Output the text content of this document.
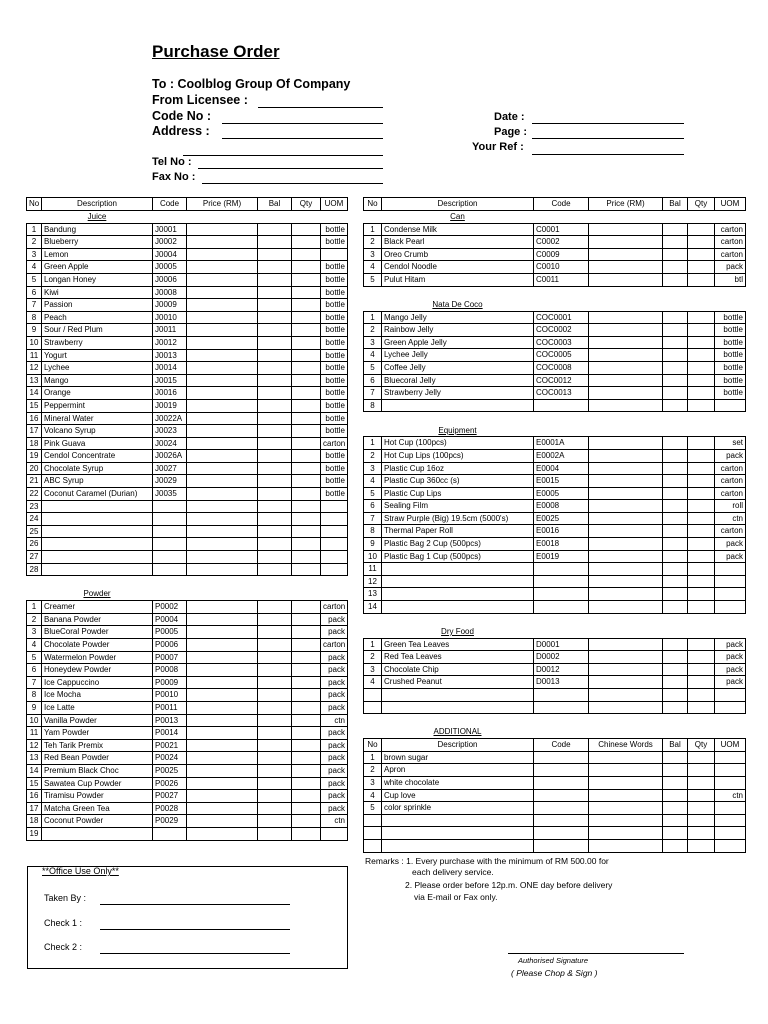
Purchase Order
To : Coolblog Group Of Company
From Licensee :
Code No :
Address :
Tel No :
Fax No :
Date :
Page :
Your Ref :
No	Description	Code	Price (RM)	Bal	Qty	UOM
	Juice					
1	Bandung	J0001				bottle
2	Blueberry	J0002				bottle
3	Lemon	J0004				
4	Green Apple	J0005				bottle
5	Longan Honey	J0006				bottle
6	Kiwi	J0008				bottle
7	Passion	J0009				bottle
8	Peach	J0010				bottle
9	Sour / Red Plum	J0011				bottle
10	Strawberry	J0012				bottle
11	Yogurt	J0013				bottle
12	Lychee	J0014				bottle
13	Mango	J0015				bottle
14	Orange	J0016				bottle
15	Peppermint	J0019				bottle
16	Mineral Water	J0022A				bottle
17	Volcano Syrup	J0023				bottle
18	Pink Guava	J0024				carton
19	Cendol Concentrate	J0026A				bottle
20	Chocolate Syrup	J0027				bottle
21	ABC Syrup	J0029				bottle
22	Coconut Caramel (Durian)	J0035				bottle
23						
24						
25						
26						
27						
28						

	Powder					
1	Creamer	P0002				carton
2	Banana Powder	P0004				pack
3	BlueCoral Powder	P0005				pack
4	Chocolate Powder	P0006				carton
5	Watermelon Powder	P0007				pack
6	Honeydew Powder	P0008				pack
7	Ice Cappuccino	P0009				pack
8	Ice Mocha	P0010				pack
9	Ice Latte	P0011				pack
10	Vanilla Powder	P0013				ctn
11	Yam Powder	P0014				pack
12	Teh Tarik Premix	P0021				pack
13	Red Bean Powder	P0024				pack
14	Premium Black Choc	P0025				pack
15	Sawatea Cup Powder	P0026				pack
16	Tiramisu Powder	P0027				pack
17	Matcha Green Tea	P0028				pack
18	Coconut Powder	P0029				ctn
19						
No	Description	Code	Price (RM)	Bal	Qty	UOM
	Can					
1	Condense Milk	C0001				carton
2	Black Pearl	C0002				carton
3	Oreo Crumb	C0009				carton
4	Cendol Noodle	C0010				pack
5	Pulut Hitam	C0011				btl

	Nata De Coco					
1	Mango Jelly	COC0001				bottle
2	Rainbow Jelly	COC0002				bottle
3	Green Apple Jelly	COC0003				bottle
4	Lychee Jelly	COC0005				bottle
5	Coffee Jelly	COC0008				bottle
6	Bluecoral Jelly	COC0012				bottle
7	Strawberry Jelly	COC0013				bottle
8						

	Equipment					
1	Hot Cup (100pcs)	E0001A				set
2	Hot Cup Lips (100pcs)	E0002A				pack
3	Plastic Cup 16oz	E0004				carton
4	Plastic Cup 360cc (s)	E0015				carton
5	Plastic Cup Lips	E0005				carton
6	Sealing Film	E0008				roll
7	Straw Purple (Big) 19.5cm (5000's)	E0025				ctn
8	Thermal Paper Roll	E0016				carton
9	Plastic Bag 2 Cup (500pcs)	E0018				pack
10	Plastic Bag 1 Cup (500pcs)	E0019				pack
11						
12						
13						
14						

	Dry Food					
1	Green Tea Leaves	D0001				pack
2	Red Tea Leaves	D0002				pack
3	Chocolate Chip	D0012				pack
4	Crushed Peanut	D0013				pack

	ADDITIONAL					
No	Description	Code	Chinese Words	Bal	Qty	UOM
1	brown sugar					
2	Apron					
3	white chocolate					
4	Cup love					ctn
5	color sprinkle					

**Office Use Only**
Taken By :
Check 1 :
Check 2 :
Remarks : 1. Every purchase with the minimum of RM 500.00 for
each delivery service.
2. Please order before 12p.m. ONE day before delivery
via E-mail or Fax only.
Authorised Signature
( Please Chop & Sign )
